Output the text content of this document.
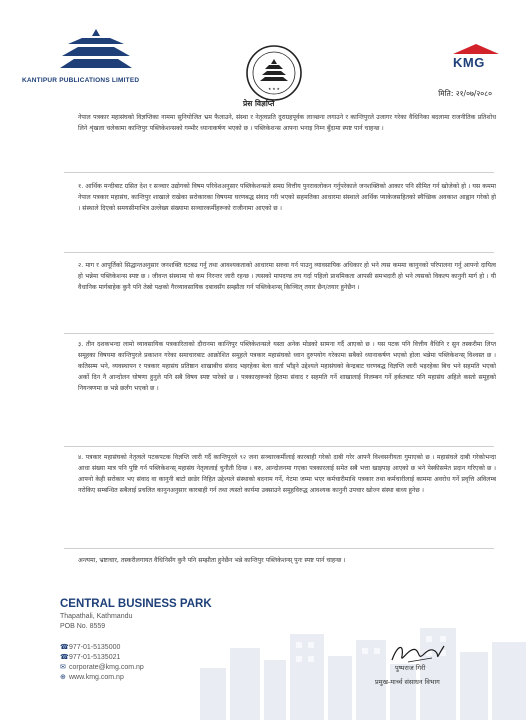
KANTIPUR PUBLICATIONS LIMITED
★ ★ ★
KMG
मिति: २१/०७/२०८०
प्रेस विज्ञप्ति

नेपाल पत्रकार महासंघको विज्ञप्तिका नाममा सुनियोजित भ्रम फैलाउने, संस्था र नेतृत्वप्रति दुराग्रहपूर्वक लाञ्छना लगाउने र कान्तिपुरले उजागर गरेका वैधिनिका बदलामा राजनीतिक प्रतिशोध लिने शृंखला चलेकामा कान्तिपुर पब्लिकेशन्सको गम्भीर ध्यानाकर्षण भएको छ । पब्लिकेशन्स आफ्ना भनाइ निम्न बुँदामा स्पष्ट पार्न चाहन्छ ।

१. आर्थिक मन्दीबाट ग्रसित देश र सञ्चार उद्योगको विषम परिवेशअनुसार पब्लिकेशन्सले समग्र वित्तीय पुनरावलोकन गर्नुपरेकाले जनशक्तिको आकार पनि सीमित गर्न खोजेको हो । यस कममा नेपाल पत्रकार महासंघ, कान्तिपुर शाखाले राखेका सरोकारका विषयमा घरणबद्ध संवाद गरी भएको सहमतिका आधारमा संस्थाले आर्थिक प्याकेजसहितको स्वैच्छिक अवकाश आह्वान गरेको हो । संस्थाले दिएको समयसीमाभित्र उल्लेख्य संख्यामा सञ्चारकर्मीहरूको राजीनामा आएको छ ।

२. माग र आपूर्तिको सिद्धान्तअनुसार जनशक्ति घटबढ गर्नु तथा आवश्यकताको आधारमा सरुवा गर्न पाउनु व्यावसायिक अधिकार हो भने त्यस कममा कानुनको परिपालना गर्नु आफ्नो दायित्व हो भन्नेमा पब्लिकेशन्स स्पष्ट छ । जीवन्त संस्थामा यो कम निरन्तर जारी रहन्छ । त्यसको मापदण्ड तय गर्दा पहिलो प्राथमिकता आपसी समभदारी हो भने त्यसको विकल्प कानुनी मार्ग हो । यी वैधानिक मार्गबाहेक कुनै पनि तेस्रो पक्षको गैरव्यावसायिक दबावसँग सम्झौता गर्न पब्लिकेशन्स् किञ्चित् तयार छैन/तयार हुनेछैन ।

३. तीन दशकभन्दा लामो व्यावसायिक पत्रकारिताको दौरानमा कान्तिपुर पब्लिकेशन्सले यस्ता अनेक मोडको सामना गर्दै आएको छ । यस पटक पनि वित्तीय वैधिनि र सुन तस्करीमा लिप्त समूहका विषयमा कान्तिपुरले प्रकाशन गरेका समाचारबाट आक्रोशित समूहले पत्रकार महासंघको ध्वान दुरुपयोग गरेकामा सबैको ध्यानाकर्षण भएको होला भन्नेमा पब्लिकेशन्स् विश्वस्त छ । कतिसम्म भने, व्यवस्थापन र पत्रकार महासंघ प्रतिष्ठान शाखाबीच संवाद भइरहेका बेला वार्ता भाँड्ने उद्देश्यले महासंघको केन्द्रबाट घरणबद्ध विज्ञप्ति जारी भइरहेका बिच भने सहमति भएको अर्को दिन नै आन्दोलन घोषणा हुनुले पनि सबै विषय स्पष्ट पारेको छ । पत्रकारहरूको हितमा संवाद र सहमति गर्ने शाखालाई निलम्बन गर्ने हर्कतबाट पनि महासंघ अहिले कस्तो समूहको नियन्त्रणमा छ भन्ने छर्लंग भएको छ ।

४. पत्रकार महासंघको नेतृत्वले पटकपटक विज्ञप्ति जारी गर्दै कान्तिपुरले ९२ जना सञ्चारकर्मीलाई कारबाही गरेको दाबी गरेर आफ्नै विश्वसनीयता गुमाएको छ । महासंघले दाबी गरेकोभन्दा आधा संख्या मात्र पनि पुष्टि गर्न पब्लिकेशन्स् महासंघ नेतृत्वलाई चुनौती दिन्छ । बरु, आन्दोलनमा गएका पत्रकारलाई समेत सबै भत्ता खाइपाइ आएको छ भने पेस्कीसमेत प्रदान गरिएको छ । आफ्नो केही सरोकार भए संवाद वा कानुनी बाटो छाडेर निहित उद्देश्यले संस्थाको बदनाम गर्ने, गेटमा जम्मा भएर कर्मचारीमाथि पत्रकार तथा कर्मचारीलाई काममा अवरोध गर्ने प्रवृत्ति अविलम्ब नरोकिए सम्बन्धित सबैलाई प्रचलित कानुनअनुसार कारबाही गर्न तथा त्यस्तो कार्यमा उक्साउने समूहविरुद्ध आवश्यक कानुनी उपचार खोज्न संस्था बाध्य हुनेछ ।

अन्त्यमा, भ्रष्टाचार, तस्करीलगायत वैधिनिसँग कुनै पनि सम्झौता हुनेछैन भन्ने कान्तिपुर पब्लिकेशन्स् पुनः स्पष्ट पार्न चाहन्छ ।

CENTRAL BUSINESS PARK
Thapathali, Kathmandu
POB No. 8559
☎977-01-5135000
☎977-01-5135021
✉ corporate@kmg.com.np
⊕ www.kmg.com.np
पुष्पराज गिरी
प्रमुख-मार्च्च संसाधन विभाग
